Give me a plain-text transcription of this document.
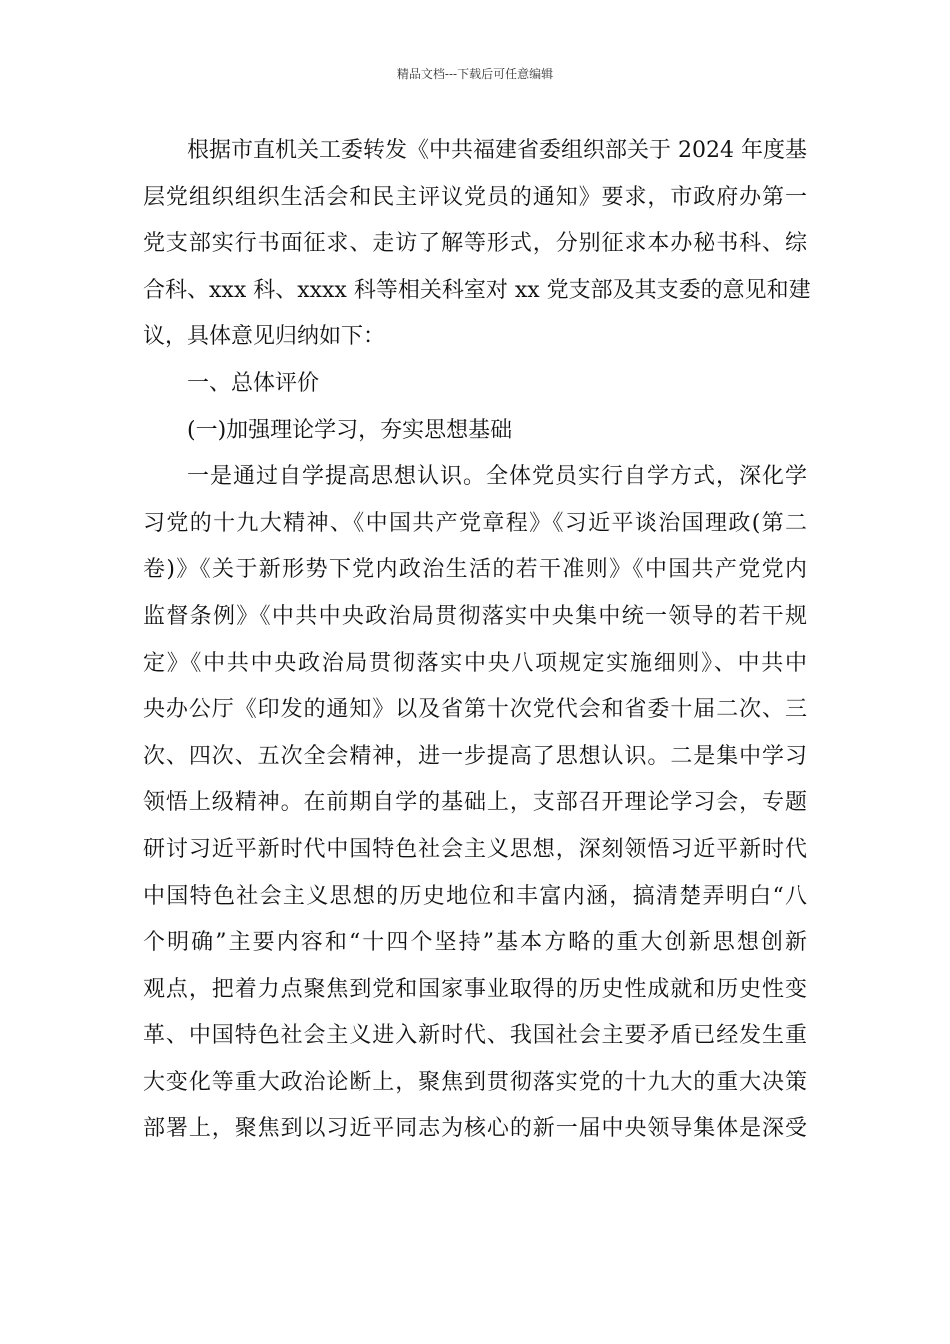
精品文档---下载后可任意编辑
根据市直机关工委转发《中共福建省委组织部关于 2024 年度基
层党组织组织生活会和民主评议党员的通知》要求，市政府办第一
党支部实行书面征求、走访了解等形式，分别征求本办秘书科、综
合科、xxx 科、xxxx 科等相关科室对 xx 党支部及其支委的意见和建
议，具体意见归纳如下：
一、总体评价
(一)加强理论学习，夯实思想基础
一是通过自学提高思想认识。全体党员实行自学方式，深化学
习党的十九大精神、《中国共产党章程》《习近平谈治国理政(第二
卷)》《关于新形势下党内政治生活的若干准则》《中国共产党党内
监督条例》《中共中央政治局贯彻落实中央集中统一领导的若干规
定》《中共中央政治局贯彻落实中央八项规定实施细则》、中共中
央办公厅《印发的通知》以及省第十次党代会和省委十届二次、三
次、四次、五次全会精神，进一步提高了思想认识。二是集中学习
领悟上级精神。在前期自学的基础上，支部召开理论学习会，专题
研讨习近平新时代中国特色社会主义思想，深刻领悟习近平新时代
中国特色社会主义思想的历史地位和丰富内涵，搞清楚弄明白“八
个明确”主要内容和“十四个坚持”基本方略的重大创新思想创新
观点，把着力点聚焦到党和国家事业取得的历史性成就和历史性变
革、中国特色社会主义进入新时代、我国社会主要矛盾已经发生重
大变化等重大政治论断上，聚焦到贯彻落实党的十九大的重大决策
部署上，聚焦到以习近平同志为核心的新一届中央领导集体是深受
